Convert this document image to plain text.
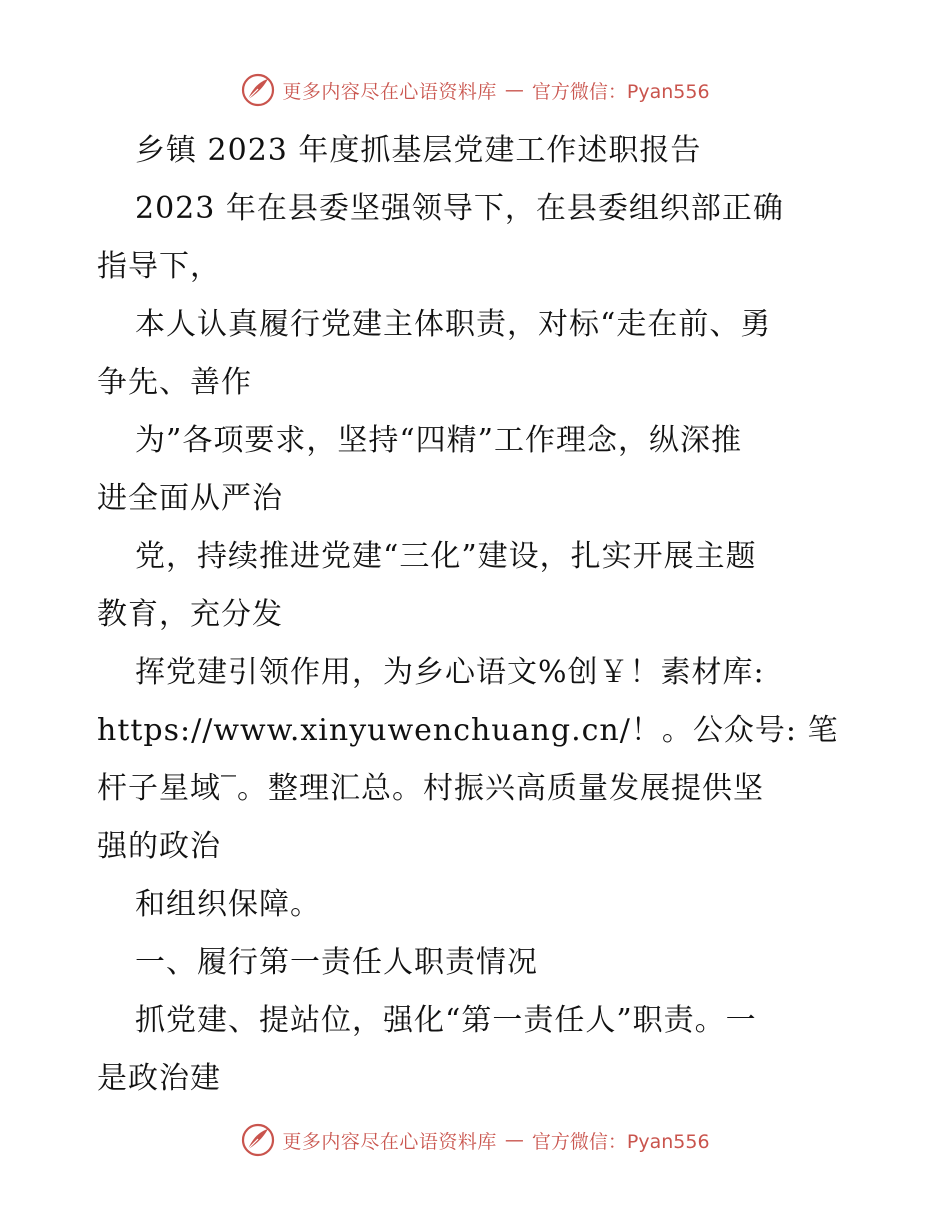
更多内容尽在心语资料库 — 官方微信：Pyan556
乡镇 2023 年度抓基层党建工作述职报告
2023 年在县委坚强领导下，在县委组织部正确
指导下，
本人认真履行党建主体职责，对标“走在前、勇
争先、善作
为”各项要求，坚持“四精”工作理念，纵深推
进全面从严治
党，持续推进党建“三化”建设，扎实开展主题
教育，充分发
挥党建引领作用，为乡心语文%创￥！素材库:
https://www.xinyuwenchuang.cn/！。公众号: 笔
杆子星域‾。整理汇总。村振兴高质量发展提供坚
强的政治
和组织保障。
一、履行第一责任人职责情况
抓党建、提站位，强化“第一责任人”职责。一
是政治建
更多内容尽在心语资料库 — 官方微信：Pyan556
